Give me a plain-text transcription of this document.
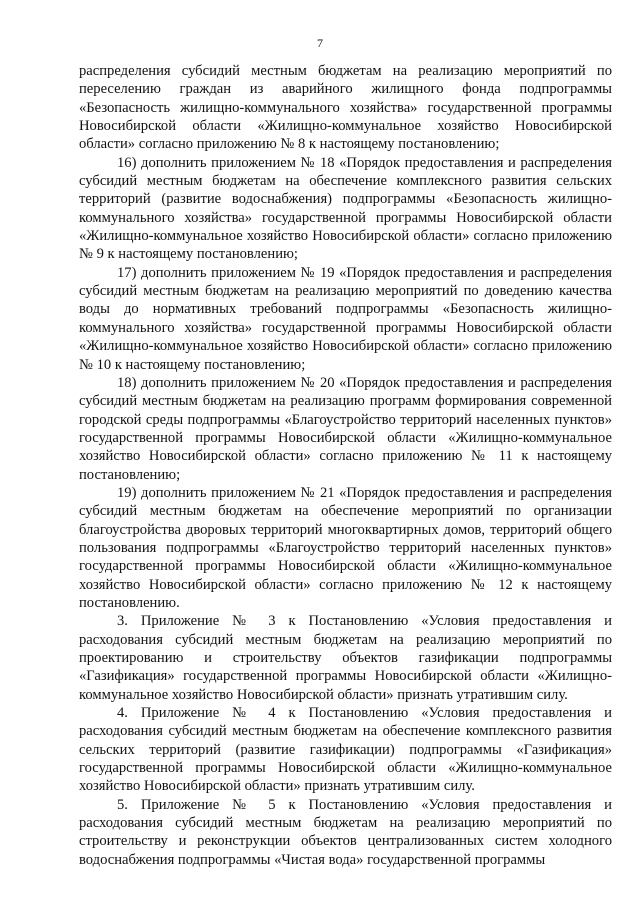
7

распределения субсидий местным бюджетам на реализацию мероприятий по переселению граждан из аварийного жилищного фонда подпрограммы «Безопасность жилищно-коммунального хозяйства» государственной программы Новосибирской области «Жилищно-коммунальное хозяйство Новосибирской области» согласно приложению № 8 к настоящему постановлению;

16) дополнить приложением № 18 «Порядок предоставления и распределения субсидий местным бюджетам на обеспечение комплексного развития сельских территорий (развитие водоснабжения) подпрограммы «Безопасность жилищно-коммунального хозяйства» государственной программы Новосибирской области «Жилищно-коммунальное хозяйство Новосибирской области» согласно приложению № 9 к настоящему постановлению;

17) дополнить приложением № 19 «Порядок предоставления и распределения субсидий местным бюджетам на реализацию мероприятий по доведению качества воды до нормативных требований подпрограммы «Безопасность жилищно-коммунального хозяйства» государственной программы Новосибирской области «Жилищно-коммунальное хозяйство Новосибирской области» согласно приложению № 10 к настоящему постановлению;

18) дополнить приложением № 20 «Порядок предоставления и распределения субсидий местным бюджетам на реализацию программ формирования современной городской среды подпрограммы «Благоустройство территорий населенных пунктов» государственной программы Новосибирской области «Жилищно-коммунальное хозяйство Новосибирской области» согласно приложению № 11 к настоящему постановлению;

19) дополнить приложением № 21 «Порядок предоставления и распределения субсидий местным бюджетам на обеспечение мероприятий по организации благоустройства дворовых территорий многоквартирных домов, территорий общего пользования подпрограммы «Благоустройство территорий населенных пунктов» государственной программы Новосибирской области «Жилищно-коммунальное хозяйство Новосибирской области» согласно приложению № 12 к настоящему постановлению.

3. Приложение № 3 к Постановлению «Условия предоставления и расходования субсидий местным бюджетам на реализацию мероприятий по проектированию и строительству объектов газификации подпрограммы «Газификация» государственной программы Новосибирской области «Жилищно-коммунальное хозяйство Новосибирской области» признать утратившим силу.

4. Приложение № 4 к Постановлению «Условия предоставления и расходования субсидий местным бюджетам на обеспечение комплексного развития сельских территорий (развитие газификации) подпрограммы «Газификация» государственной программы Новосибирской области «Жилищно-коммунальное хозяйство Новосибирской области» признать утратившим силу.

5. Приложение № 5 к Постановлению «Условия предоставления и расходования субсидий местным бюджетам на реализацию мероприятий по строительству и реконструкции объектов централизованных систем холодного водоснабжения подпрограммы «Чистая вода» государственной программы
